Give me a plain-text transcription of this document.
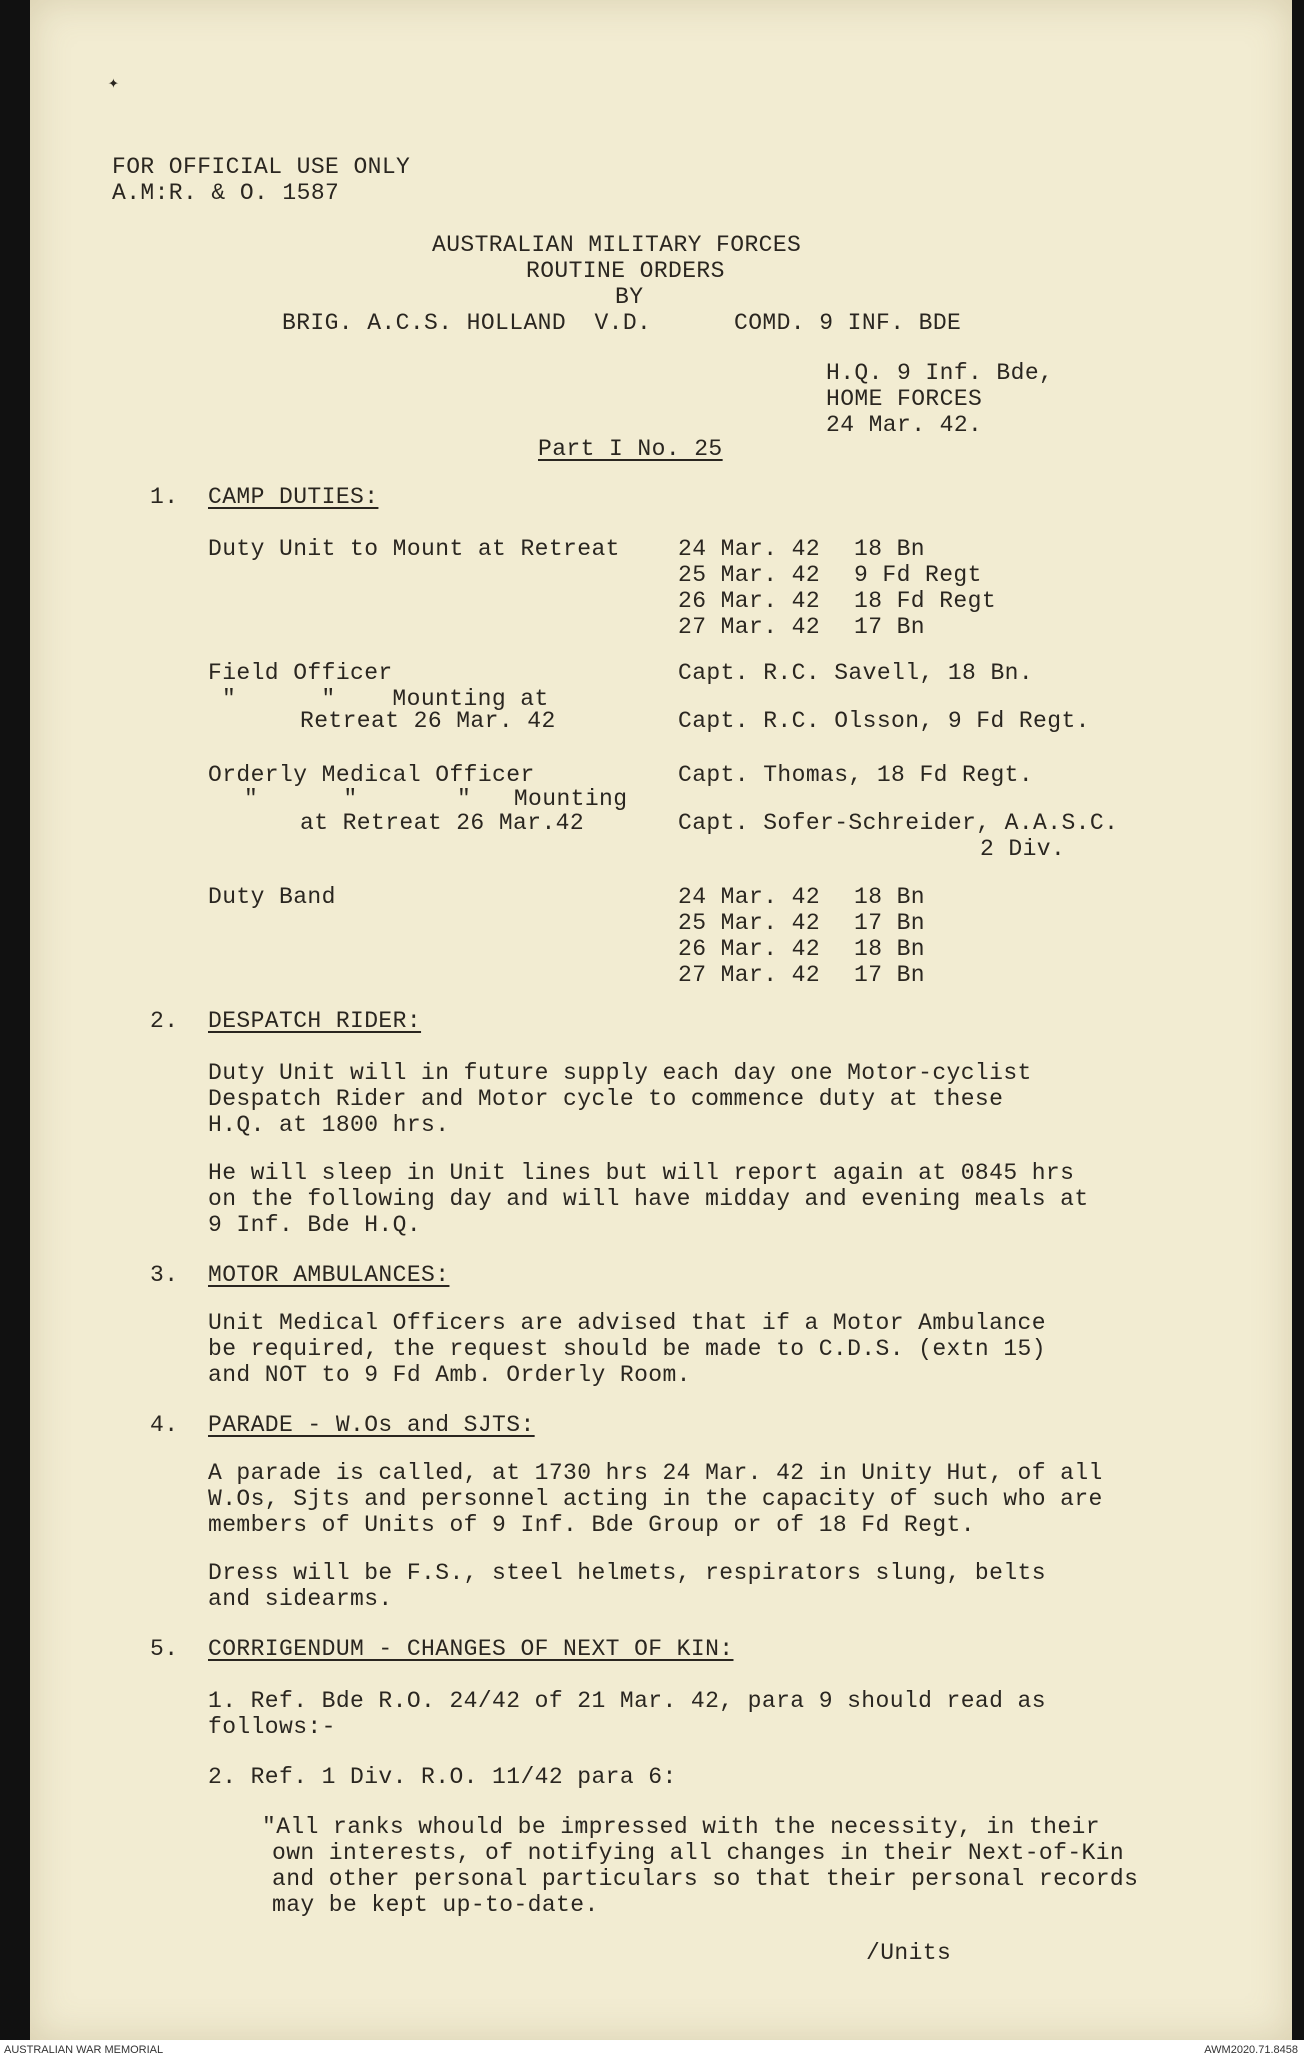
✦
FOR OFFICIAL USE ONLY
A.M:R. & O. 1587
AUSTRALIAN MILITARY FORCES
ROUTINE ORDERS
BY
BRIG. A.C.S. HOLLAND  V.D.	COMD. 9 INF. BDE
H.Q. 9 Inf. Bde,
HOME FORCES
24 Mar. 42.
Part I No. 25
1. CAMP DUTIES:
Duty Unit to Mount at Retreat	24 Mar. 42 18 Bn
25 Mar. 42 9 Fd Regt
26 Mar. 42 18 Fd Regt
27 Mar. 42 17 Bn
Field Officer	Capt. R.C. Savell, 18 Bn.
"      "    Mounting at
Retreat 26 Mar. 42	Capt. R.C. Olsson, 9 Fd Regt.
Orderly Medical Officer	Capt. Thomas, 18 Fd Regt.
"      "       "   Mounting
at Retreat 26 Mar.42	Capt. Sofer-Schreider, A.A.S.C.
2 Div.
Duty Band	24 Mar. 42 18 Bn
25 Mar. 42 17 Bn
26 Mar. 42 18 Bn
27 Mar. 42 17 Bn
2. DESPATCH RIDER:
Duty Unit will in future supply each day one Motor-cyclist
Despatch Rider and Motor cycle to commence duty at these
H.Q. at 1800 hrs.
He will sleep in Unit lines but will report again at 0845 hrs
on the following day and will have midday and evening meals at
9 Inf. Bde H.Q.
3. MOTOR AMBULANCES:
Unit Medical Officers are advised that if a Motor Ambulance
be required, the request should be made to C.D.S. (extn 15)
and NOT to 9 Fd Amb. Orderly Room.
4. PARADE - W.Os and SJTS:
A parade is called, at 1730 hrs 24 Mar. 42 in Unity Hut, of all
W.Os, Sjts and personnel acting in the capacity of such who are
members of Units of 9 Inf. Bde Group or of 18 Fd Regt.
Dress will be F.S., steel helmets, respirators slung, belts
and sidearms.
5. CORRIGENDUM - CHANGES OF NEXT OF KIN:
1. Ref. Bde R.O. 24/42 of 21 Mar. 42, para 9 should read as
follows:-
2. Ref. 1 Div. R.O. 11/42 para 6:
"All ranks whould be impressed with the necessity, in their
own interests, of notifying all changes in their Next-of-Kin
and other personal particulars so that their personal records
may be kept up-to-date.
/Units
AUSTRALIAN WAR MEMORIAL	AWM2020.71.8458
